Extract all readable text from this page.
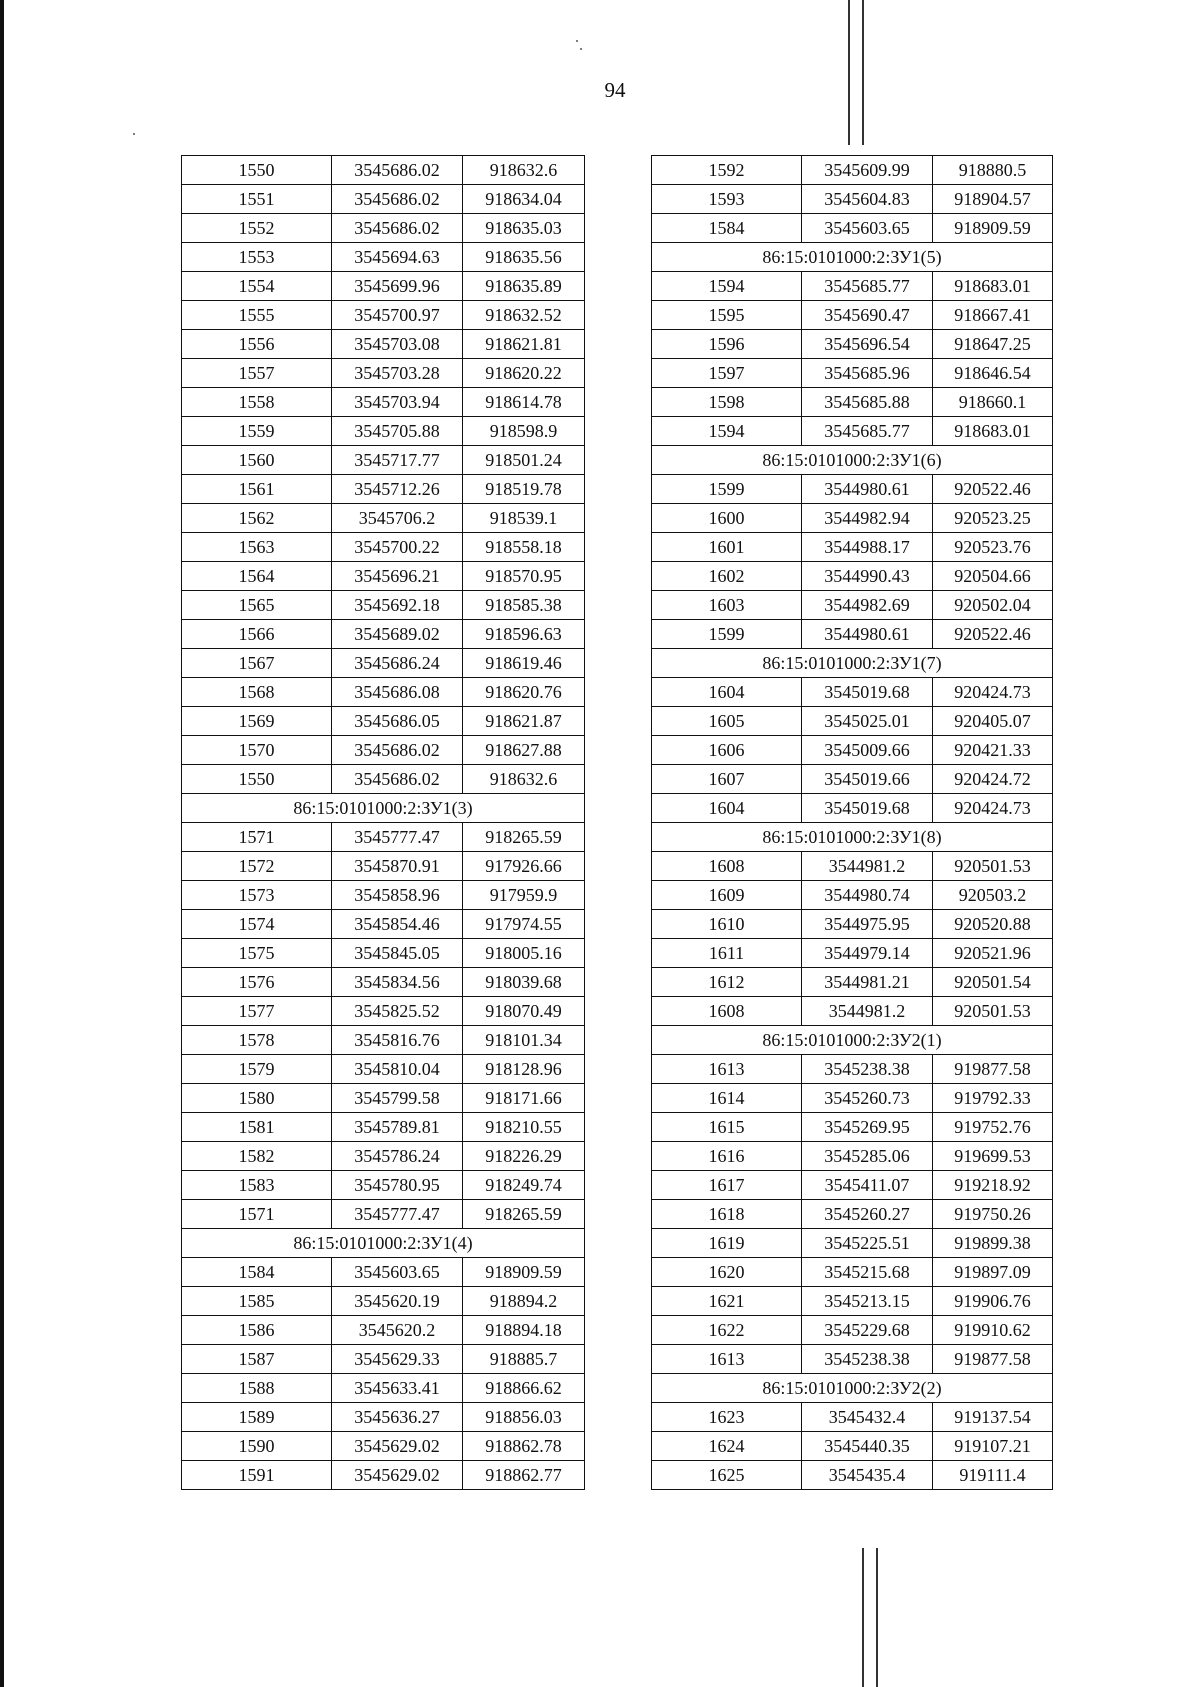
94
1550	3545686.02	918632.6
1551	3545686.02	918634.04
1552	3545686.02	918635.03
1553	3545694.63	918635.56
1554	3545699.96	918635.89
1555	3545700.97	918632.52
1556	3545703.08	918621.81
1557	3545703.28	918620.22
1558	3545703.94	918614.78
1559	3545705.88	918598.9
1560	3545717.77	918501.24
1561	3545712.26	918519.78
1562	3545706.2	918539.1
1563	3545700.22	918558.18
1564	3545696.21	918570.95
1565	3545692.18	918585.38
1566	3545689.02	918596.63
1567	3545686.24	918619.46
1568	3545686.08	918620.76
1569	3545686.05	918621.87
1570	3545686.02	918627.88
1550	3545686.02	918632.6
86:15:0101000:2:ЗУ1(3)		
1571	3545777.47	918265.59
1572	3545870.91	917926.66
1573	3545858.96	917959.9
1574	3545854.46	917974.55
1575	3545845.05	918005.16
1576	3545834.56	918039.68
1577	3545825.52	918070.49
1578	3545816.76	918101.34
1579	3545810.04	918128.96
1580	3545799.58	918171.66
1581	3545789.81	918210.55
1582	3545786.24	918226.29
1583	3545780.95	918249.74
1571	3545777.47	918265.59
86:15:0101000:2:ЗУ1(4)		
1584	3545603.65	918909.59
1585	3545620.19	918894.2
1586	3545620.2	918894.18
1587	3545629.33	918885.7
1588	3545633.41	918866.62
1589	3545636.27	918856.03
1590	3545629.02	918862.78
1591	3545629.02	918862.77
1592	3545609.99	918880.5
1593	3545604.83	918904.57
1584	3545603.65	918909.59
86:15:0101000:2:ЗУ1(5)		
1594	3545685.77	918683.01
1595	3545690.47	918667.41
1596	3545696.54	918647.25
1597	3545685.96	918646.54
1598	3545685.88	918660.1
1594	3545685.77	918683.01
86:15:0101000:2:ЗУ1(6)		
1599	3544980.61	920522.46
1600	3544982.94	920523.25
1601	3544988.17	920523.76
1602	3544990.43	920504.66
1603	3544982.69	920502.04
1599	3544980.61	920522.46
86:15:0101000:2:ЗУ1(7)		
1604	3545019.68	920424.73
1605	3545025.01	920405.07
1606	3545009.66	920421.33
1607	3545019.66	920424.72
1604	3545019.68	920424.73
86:15:0101000:2:ЗУ1(8)		
1608	3544981.2	920501.53
1609	3544980.74	920503.2
1610	3544975.95	920520.88
1611	3544979.14	920521.96
1612	3544981.21	920501.54
1608	3544981.2	920501.53
86:15:0101000:2:ЗУ2(1)		
1613	3545238.38	919877.58
1614	3545260.73	919792.33
1615	3545269.95	919752.76
1616	3545285.06	919699.53
1617	3545411.07	919218.92
1618	3545260.27	919750.26
1619	3545225.51	919899.38
1620	3545215.68	919897.09
1621	3545213.15	919906.76
1622	3545229.68	919910.62
1613	3545238.38	919877.58
86:15:0101000:2:ЗУ2(2)		
1623	3545432.4	919137.54
1624	3545440.35	919107.21
1625	3545435.4	919111.4
